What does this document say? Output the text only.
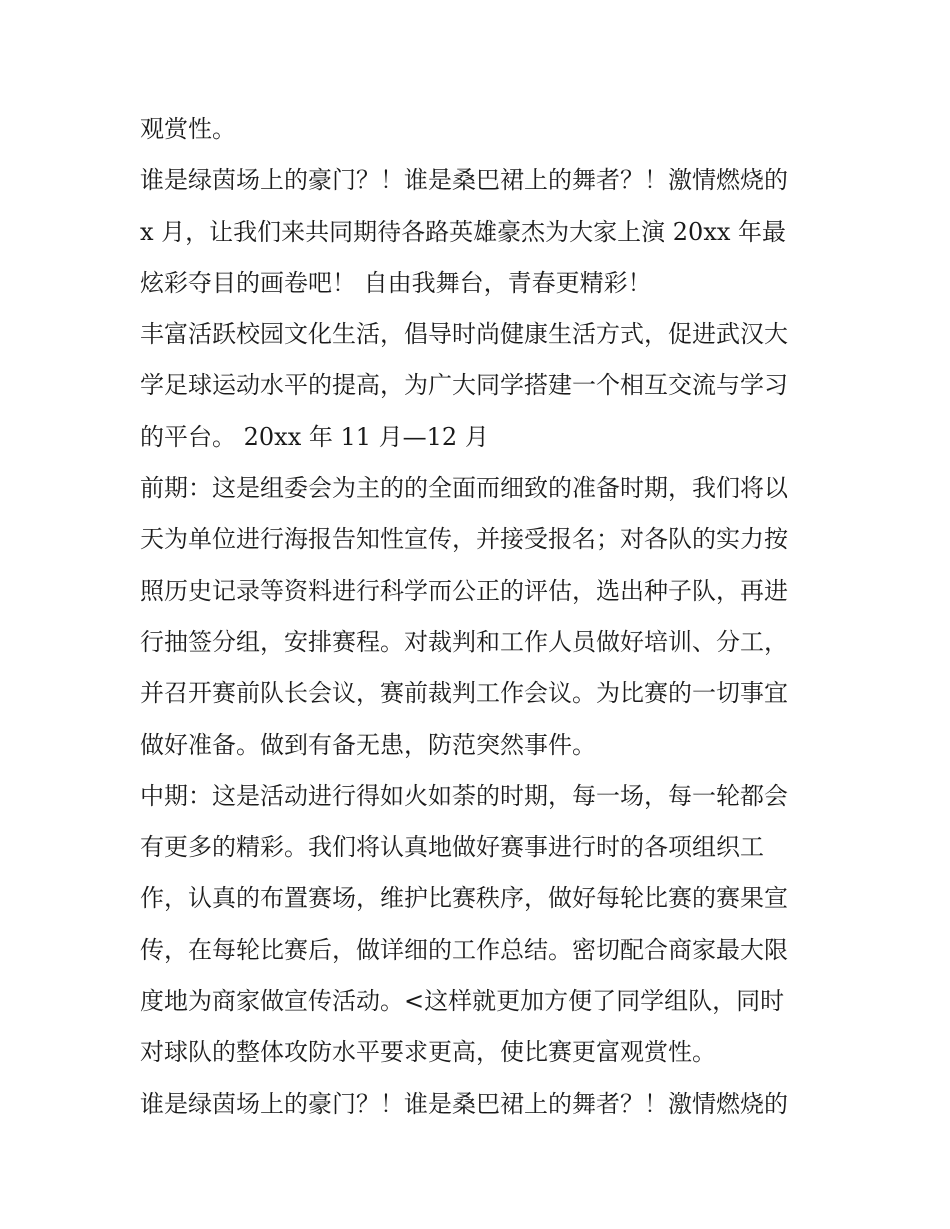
观赏性。
谁是绿茵场上的豪门？！谁是桑巴裙上的舞者？！激情燃烧的
x 月，让我们来共同期待各路英雄豪杰为大家上演 20xx 年最
炫彩夺目的画卷吧！ 自由我舞台，青春更精彩！
丰富活跃校园文化生活，倡导时尚健康生活方式，促进武汉大
学足球运动水平的提高，为广大同学搭建一个相互交流与学习
的平台。 20xx 年 11 月—12 月
前期：这是组委会为主的的全面而细致的准备时期，我们将以
天为单位进行海报告知性宣传，并接受报名；对各队的实力按
照历史记录等资料进行科学而公正的评估，选出种子队，再进
行抽签分组，安排赛程。对裁判和工作人员做好培训、分工，
并召开赛前队长会议，赛前裁判工作会议。为比赛的一切事宜
做好准备。做到有备无患，防范突然事件。
中期：这是活动进行得如火如荼的时期，每一场，每一轮都会
有更多的精彩。我们将认真地做好赛事进行时的各项组织工
作，认真的布置赛场，维护比赛秩序，做好每轮比赛的赛果宣
传，在每轮比赛后，做详细的工作总结。密切配合商家最大限
度地为商家做宣传活动。<这样就更加方便了同学组队，同时
对球队的整体攻防水平要求更高，使比赛更富观赏性。
谁是绿茵场上的豪门？！谁是桑巴裙上的舞者？！激情燃烧的
